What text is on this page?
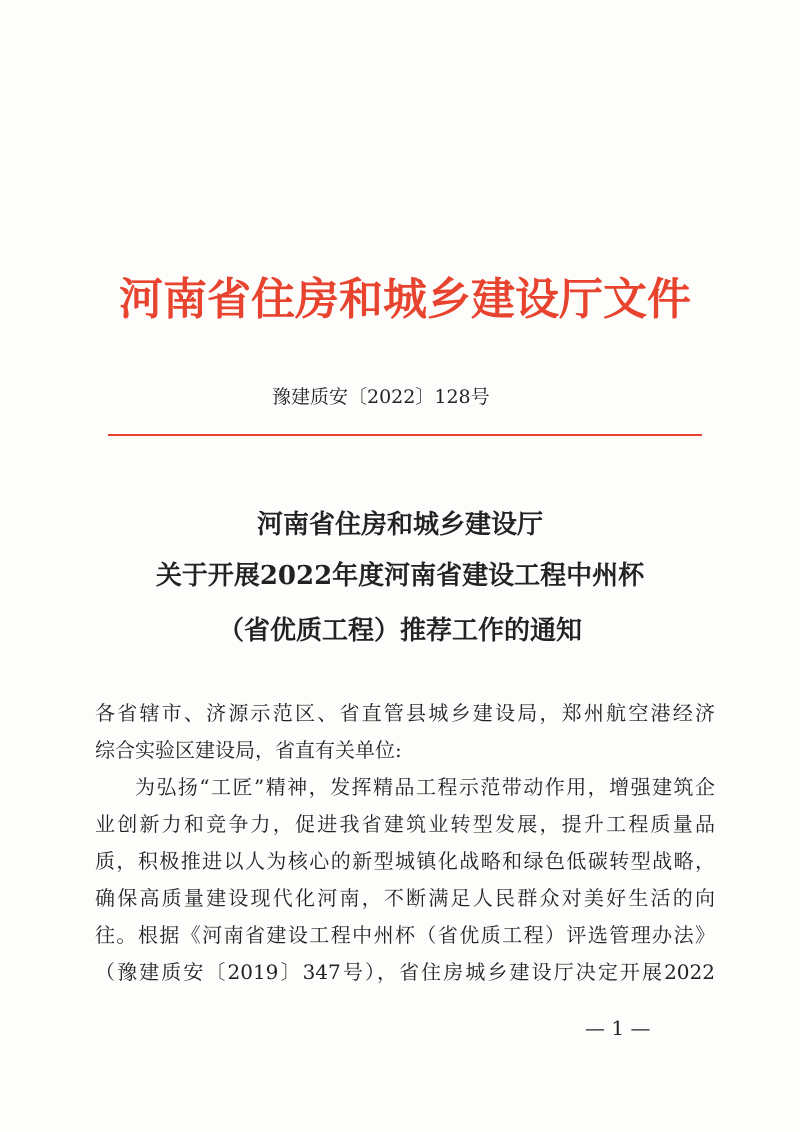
河南省住房和城乡建设厅文件
豫建质安〔2022〕128号
河南省住房和城乡建设厅
关于开展2022年度河南省建设工程中州杯
（省优质工程）推荐工作的通知

各省辖市、济源示范区、省直管县城乡建设局，郑州航空港经济

综合实验区建设局，省直有关单位:

为弘扬“工匠”精神，发挥精品工程示范带动作用，增强建筑企

业创新力和竞争力，促进我省建筑业转型发展，提升工程质量品

质，积极推进以人为核心的新型城镇化战略和绿色低碳转型战略，

确保高质量建设现代化河南，不断满足人民群众对美好生活的向

往。根据《河南省建设工程中州杯（省优质工程）评选管理办法》

（豫建质安〔2019〕347号），省住房城乡建设厅决定开展2022

— 1 —
